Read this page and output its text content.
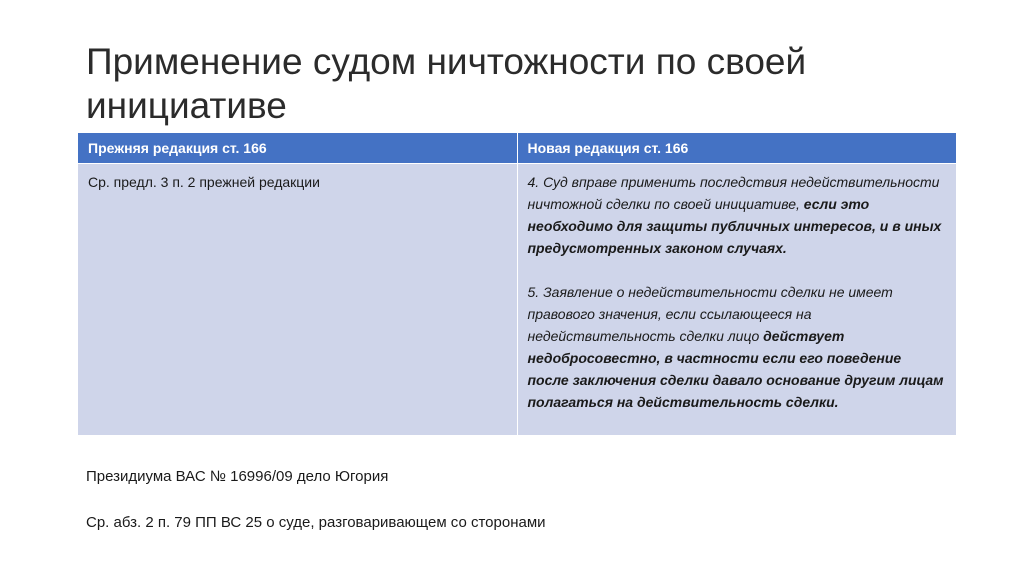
Применение судом ничтожности по своей инициативе
Прежняя редакция ст. 166	Новая редакция ст. 166
Ср. предл. 3 п. 2 прежней редакции	4. Суд вправе применить последствия недействительности ничтожной сделки по своей инициативе, если это необходимо для защиты публичных интересов, и в иных предусмотренных законом случаях.
5. Заявление о недействительности сделки не имеет правового значения, если ссылающееся на недействительность сделки лицо действует недобросовестно, в частности если его поведение после заключения сделки давало основание другим лицам полагаться на действительность сделки.

Президиума ВАС № 16996/09 дело Югория

Ср. абз. 2 п. 79 ПП ВС 25 о суде, разговаривающем со сторонами
